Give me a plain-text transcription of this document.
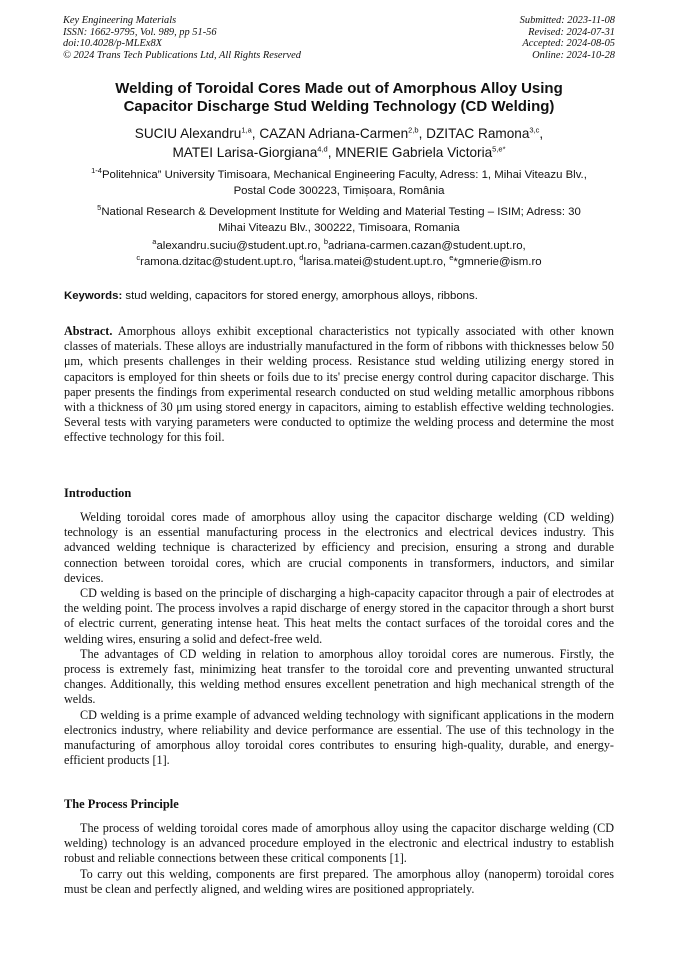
Key Engineering Materials
ISSN: 1662-9795, Vol. 989, pp 51-56
doi:10.4028/p-MLEx8X
© 2024 Trans Tech Publications Ltd, All Rights Reserved
Submitted: 2023-11-08
Revised: 2024-07-31
Accepted: 2024-08-05
Online: 2024-10-28
Welding of Toroidal Cores Made out of Amorphous Alloy Using
Capacitor Discharge Stud Welding Technology (CD Welding)
SUCIU Alexandru$^{1,a}$, CAZAN Adriana-Carmen$^{2,b}$, DZITAC Ramona$^{3,c}$,
MATEI Larisa-Giorgiana$^{4,d}$, MNERIE Gabriela Victoria$^{5,e*}$
$^{1-4}$Politehnica” University Timisoara, Mechanical Engineering Faculty, Adress: 1, Mihai Viteazu Blv.,
Postal Code 300223, Timișoara, România
$^5$National Research & Development Institute for Welding and Material Testing – ISIM; Adress: 30
Mihai Viteazu Blv., 300222, Timisoara, Romania
$^a$alexandru.suciu@student.upt.ro, $^b$adriana-carmen.cazan@student.upt.ro,
$^c$ramona.dzitac@student.upt.ro, $^d$larisa.matei@student.upt.ro, $^e$*gmnerie@ism.ro
Keywords: stud welding, capacitors for stored energy, amorphous alloys, ribbons.
Abstract. Amorphous alloys exhibit exceptional characteristics not typically associated with other known classes of materials. These alloys are industrially manufactured in the form of ribbons with thicknesses below 50 μm, which presents challenges in their welding process. Resistance stud welding utilizing energy stored in capacitors is employed for thin sheets or foils due to its' precise energy control during capacitor discharge. This paper presents the findings from experimental research conducted on stud welding metallic amorphous ribbons with a thickness of 30 μm using stored energy in capacitors, aiming to establish effective welding technologies. Several tests with varying parameters were conducted to optimize the welding process and determine the most effective technology for this foil.
Introduction

Welding toroidal cores made of amorphous alloy using the capacitor discharge welding (CD welding) technology is an essential manufacturing process in the electronics and electrical devices industry. This advanced welding technique is characterized by efficiency and precision, ensuring a strong and durable connection between toroidal cores, which are crucial components in transformers, inductors, and similar devices.

CD welding is based on the principle of discharging a high-capacity capacitor through a pair of electrodes at the welding point. The process involves a rapid discharge of energy stored in the capacitor through a short burst of electric current, generating intense heat. This heat melts the contact surfaces of the toroidal cores and the welding wires, ensuring a solid and defect-free weld.

The advantages of CD welding in relation to amorphous alloy toroidal cores are numerous. Firstly, the process is extremely fast, minimizing heat transfer to the toroidal core and preventing unwanted structural changes. Additionally, this welding method ensures excellent penetration and high mechanical strength of the welds.

CD welding is a prime example of advanced welding technology with significant applications in the modern electronics industry, where reliability and device performance are essential. The use of this technology in the manufacturing of amorphous alloy toroidal cores contributes to ensuring high-quality, durable, and energy-efficient products [1].

The Process Principle

The process of welding toroidal cores made of amorphous alloy using the capacitor discharge welding (CD welding) technology is an advanced procedure employed in the electronic and electrical industry to establish robust and reliable connections between these critical components [1].

To carry out this welding, components are first prepared. The amorphous alloy (nanoperm) toroidal cores must be clean and perfectly aligned, and welding wires are positioned appropriately.
